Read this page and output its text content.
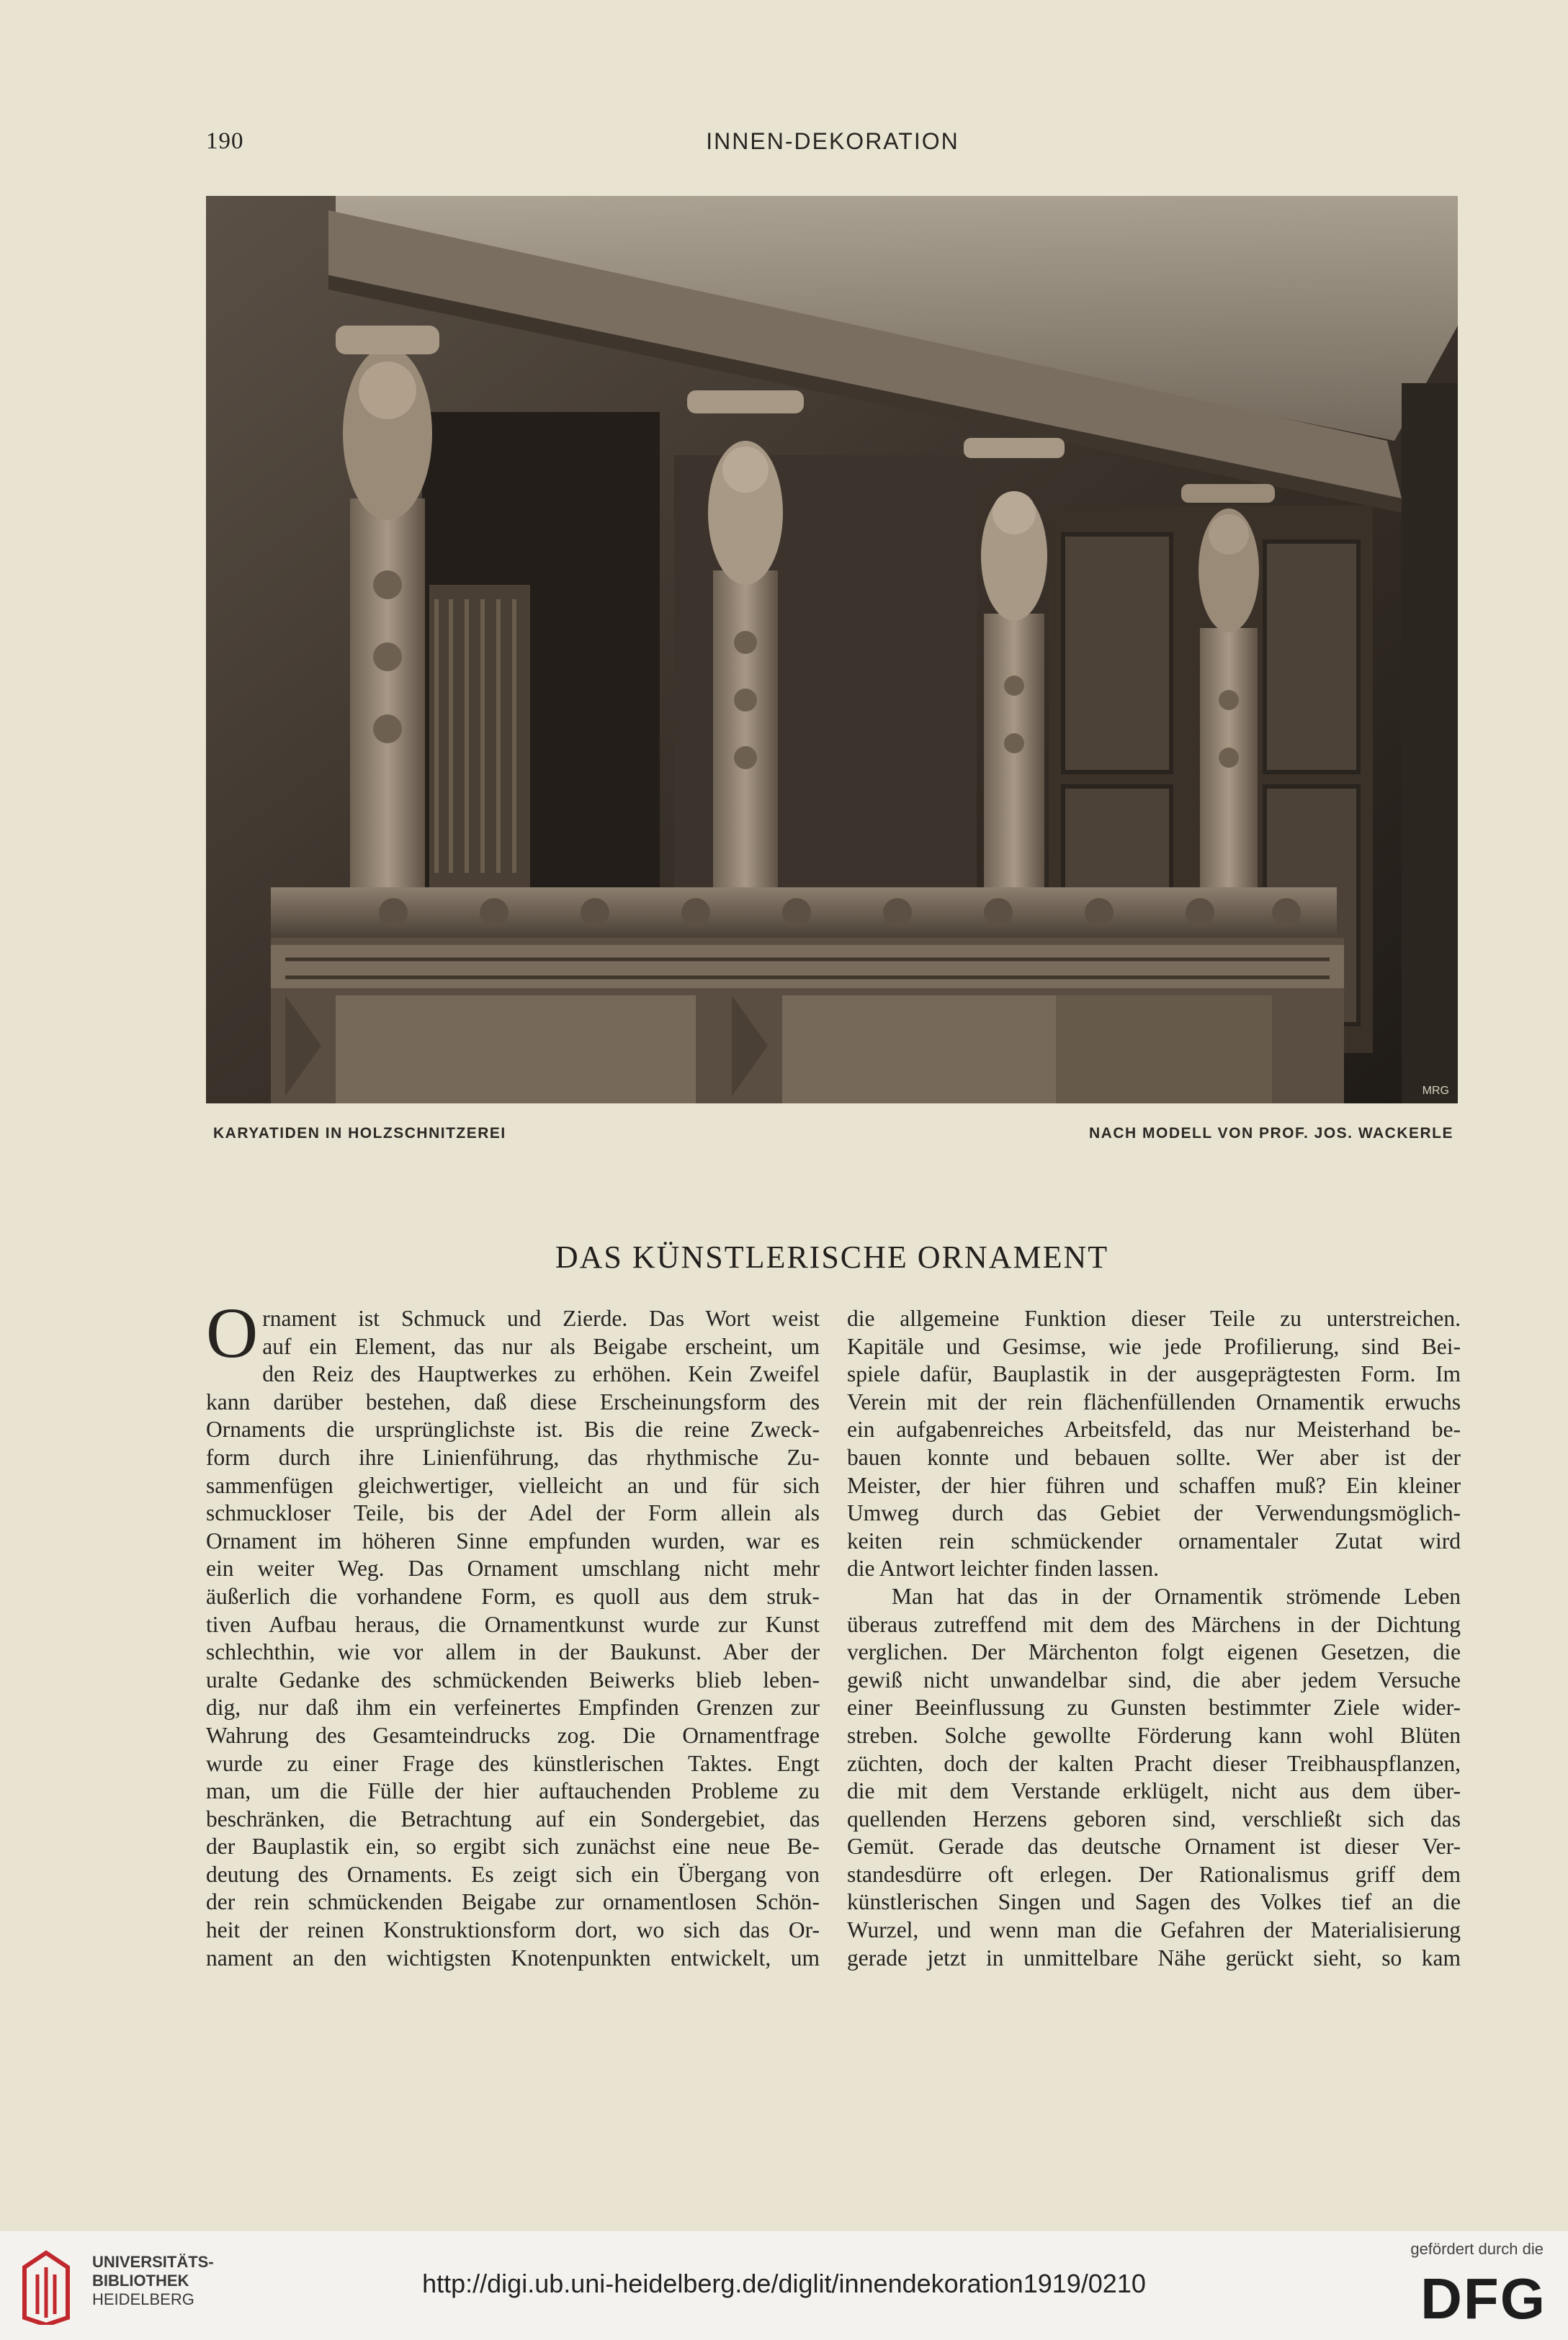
190	INNEN-DEKORATION
MRG
KARYATIDEN IN HOLZSCHNITZEREI	NACH MODELL VON PROF. JOS. WACKERLE
DAS KÜNSTLERISCHE ORNAMENT
O rnament ist Schmuck und Zierde. Das Wort weist
auf ein Element, das nur als Beigabe erscheint, um
den Reiz des Hauptwerkes zu erhöhen. Kein Zweifel
kann darüber bestehen, daß diese Erscheinungsform des
Ornaments die ursprünglichste ist. Bis die reine Zweck-
form durch ihre Linienführung, das rhythmische Zu-
sammenfügen gleichwertiger, vielleicht an und für sich
schmuckloser Teile, bis der Adel der Form allein als
Ornament im höheren Sinne empfunden wurden, war es
ein weiter Weg. Das Ornament umschlang nicht mehr
äußerlich die vorhandene Form, es quoll aus dem struk-
tiven Aufbau heraus, die Ornamentkunst wurde zur Kunst
schlechthin, wie vor allem in der Baukunst. Aber der
uralte Gedanke des schmückenden Beiwerks blieb leben-
dig, nur daß ihm ein verfeinertes Empfinden Grenzen zur
Wahrung des Gesamteindrucks zog. Die Ornamentfrage
wurde zu einer Frage des künstlerischen Taktes. Engt
man, um die Fülle der hier auftauchenden Probleme zu
beschränken, die Betrachtung auf ein Sondergebiet, das
der Bauplastik ein, so ergibt sich zunächst eine neue Be-
deutung des Ornaments. Es zeigt sich ein Übergang von
der rein schmückenden Beigabe zur ornamentlosen Schön-
heit der reinen Konstruktionsform dort, wo sich das Or-
nament an den wichtigsten Knotenpunkten entwickelt, um
die allgemeine Funktion dieser Teile zu unterstreichen.
Kapitäle und Gesimse, wie jede Profilierung, sind Bei-
spiele dafür, Bauplastik in der ausgeprägtesten Form. Im
Verein mit der rein flächenfüllenden Ornamentik erwuchs
ein aufgabenreiches Arbeitsfeld, das nur Meisterhand be-
bauen konnte und bebauen sollte. Wer aber ist der
Meister, der hier führen und schaffen muß? Ein kleiner
Umweg durch das Gebiet der Verwendungsmöglich-
keiten rein schmückender ornamentaler Zutat wird
die Antwort leichter finden lassen.
Man hat das in der Ornamentik strömende Leben
überaus zutreffend mit dem des Märchens in der Dichtung
verglichen. Der Märchenton folgt eigenen Gesetzen, die
gewiß nicht unwandelbar sind, die aber jedem Versuche
einer Beeinflussung zu Gunsten bestimmter Ziele wider-
streben. Solche gewollte Förderung kann wohl Blüten
züchten, doch der kalten Pracht dieser Treibhauspflanzen,
die mit dem Verstande erklügelt, nicht aus dem über-
quellenden Herzens geboren sind, verschließt sich das
Gemüt. Gerade das deutsche Ornament ist dieser Ver-
standesdürre oft erlegen. Der Rationalismus griff dem
künstlerischen Singen und Sagen des Volkes tief an die
Wurzel, und wenn man die Gefahren der Materialisierung
gerade jetzt in unmittelbare Nähe gerückt sieht, so kam
UNIVERSITÄTS-
BIBLIOTHEK
HEIDELBERG
http://digi.ub.uni-heidelberg.de/diglit/innendekoration1919/0210
gefördert durch die
DFG
